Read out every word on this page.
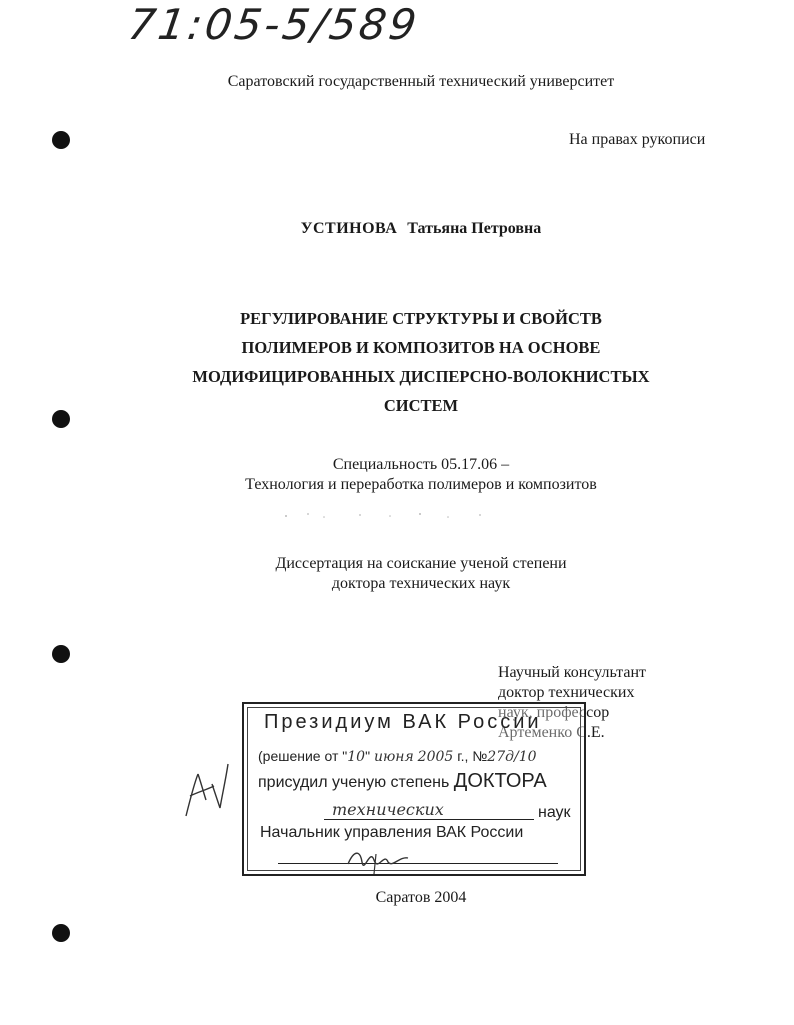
71:05-5/589
Саратовский государственный технический университет
На правах рукописи
УСТИНОВА Татьяна Петровна
РЕГУЛИРОВАНИЕ СТРУКТУРЫ И СВОЙСТВ
ПОЛИМЕРОВ И КОМПОЗИТОВ НА ОСНОВЕ
МОДИФИЦИРОВАННЫХ ДИСПЕРСНО-ВОЛОКНИСТЫХ
СИСТЕМ
Специальность 05.17.06 –
Технология и переработка полимеров и композитов
Диссертация на соискание ученой степени
доктора технических наук
Научный консультант
доктор технических
наук, профессор
Артеменко С.Е.
Президиум ВАК России
(решение от "10" июня 2005 г., №27д/10
присудил ученую степень ДОКТОРА
технических	наук
Начальник управления ВАК России
Саратов 2004
